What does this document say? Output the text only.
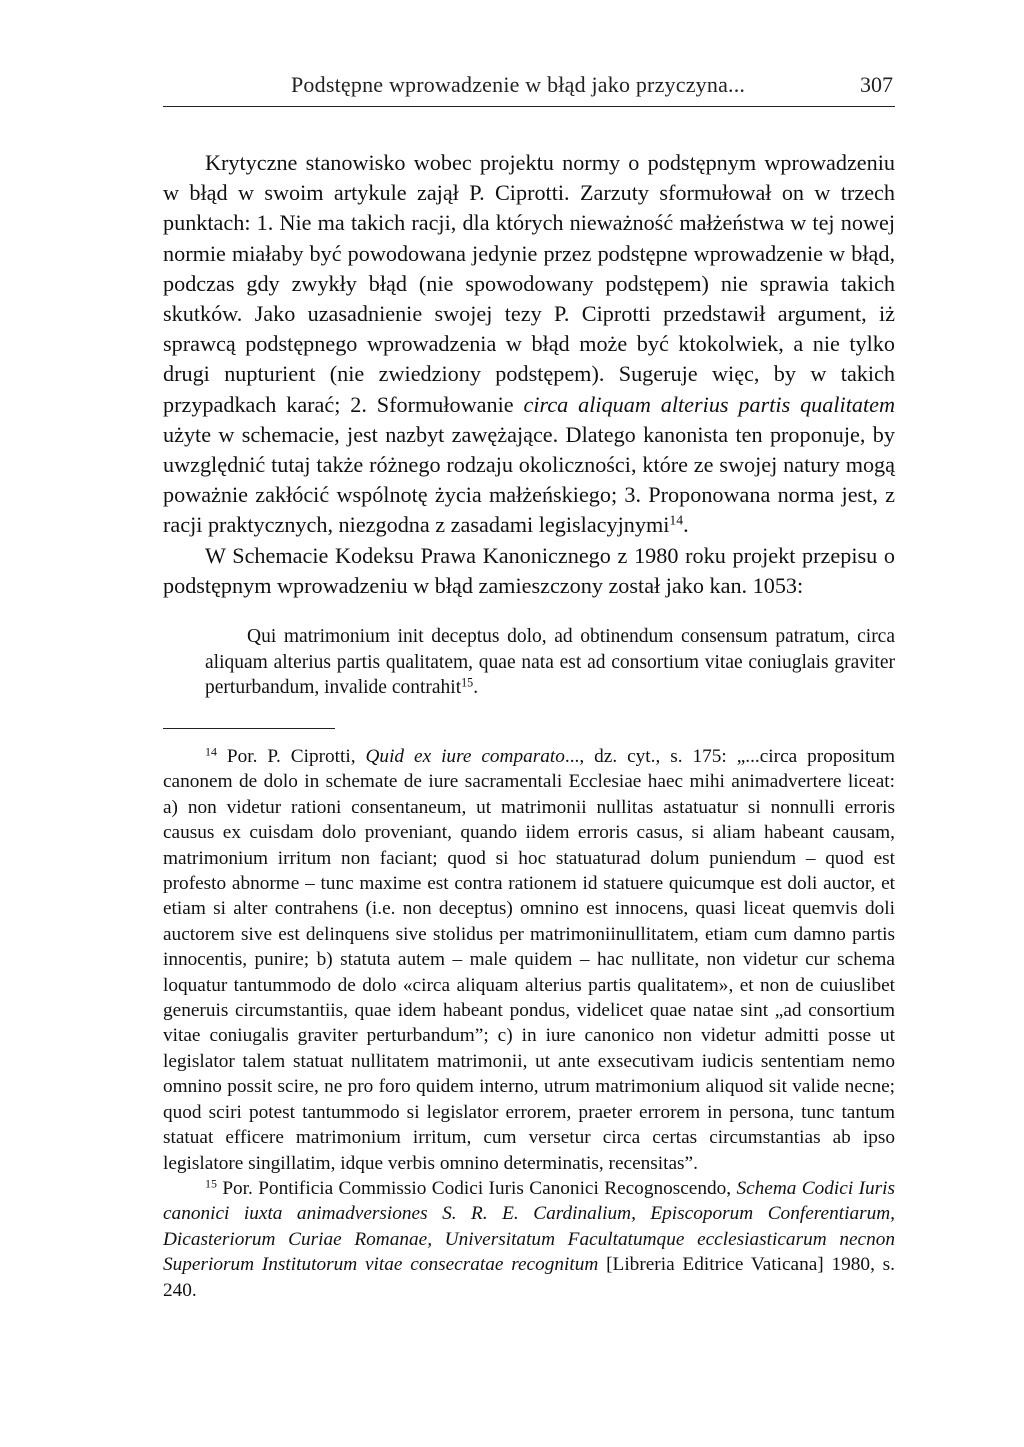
Podstępne wprowadzenie w błąd jako przyczyna...	307

Krytyczne stanowisko wobec projektu normy o podstępnym wprowadzeniu w błąd w swoim artykule zajął P. Ciprotti. Zarzuty sformułował on w trzech punktach: 1. Nie ma takich racji, dla których nieważność małżeństwa w tej nowej normie miałaby być powodowana jedynie przez podstępne wprowadzenie w błąd, podczas gdy zwykły błąd (nie spowodowany podstępem) nie sprawia takich skutków. Jako uzasadnienie swojej tezy P. Ciprotti przedstawił argument, iż sprawcą podstępnego wprowadzenia w błąd może być ktokolwiek, a nie tylko drugi nupturient (nie zwiedziony podstępem). Sugeruje więc, by w takich przypadkach karać; 2. Sformułowanie circa aliquam alterius partis qualitatem użyte w schemacie, jest nazbyt zawężające. Dlatego kanonista ten proponuje, by uwzględnić tutaj także różnego rodzaju okoliczności, które ze swojej natury mogą poważnie zakłócić wspólnotę życia małżeńskiego; 3. Proponowana norma jest, z racji praktycznych, niezgodna z zasadami legislacyjnymi$^{14}$.

W Schemacie Kodeksu Prawa Kanonicznego z 1980 roku projekt przepisu o podstępnym wprowadzeniu w błąd zamieszczony został jako kan. 1053:

Qui matrimonium init deceptus dolo, ad obtinendum consensum patratum, circa aliquam alterius partis qualitatem, quae nata est ad consortium vitae coniuglais graviter perturbandum, invalide contrahit$^{15}$.

$^{14}$ Por. P. Ciprotti, Quid ex iure comparato..., dz. cyt., s. 175: „...circa propositum canonem de dolo in schemate de iure sacramentali Ecclesiae haec mihi animadvertere liceat: a) non videtur rationi consentaneum, ut matrimonii nullitas astatuatur si nonnulli erroris causus ex cuisdam dolo proveniant, quando iidem erroris casus, si aliam habeant causam, matrimonium irritum non faciant; quod si hoc statuaturad dolum puniendum – quod est profesto abnorme – tunc maxime est contra rationem id statuere quicumque est doli auctor, et etiam si alter contrahens (i.e. non deceptus) omnino est innocens, quasi liceat quemvis doli auctorem sive est delinquens sive stolidus per matrimoniinullitatem, etiam cum damno partis innocentis, punire; b) statuta autem – male quidem – hac nullitate, non videtur cur schema loquatur tantummodo de dolo «circa aliquam alterius partis qualitatem», et non de cuiuslibet generuis circumstantiis, quae idem habeant pondus, videlicet quae natae sint „ad consortium vitae coniugalis graviter perturbandum”; c) in iure canonico non videtur admitti posse ut legislator talem statuat nullitatem matrimonii, ut ante exsecutivam iudicis sententiam nemo omnino possit scire, ne pro foro quidem interno, utrum matrimonium aliquod sit valide necne; quod sciri potest tantummodo si legislator errorem, praeter errorem in persona, tunc tantum statuat efficere matrimonium irritum, cum versetur circa certas circumstantias ab ipso legislatore singillatim, idque verbis omnino determinatis, recensitas”.

$^{15}$ Por. Pontificia Commissio Codici Iuris Canonici Recognoscendo, Schema Codici Iuris canonici iuxta animadversiones S. R. E. Cardinalium, Episcoporum Conferentiarum, Dicasteriorum Curiae Romanae, Universitatum Facultatumque ecclesiasticarum necnon Superiorum Institutorum vitae consecratae recognitum [Libreria Editrice Vaticana] 1980, s. 240.
